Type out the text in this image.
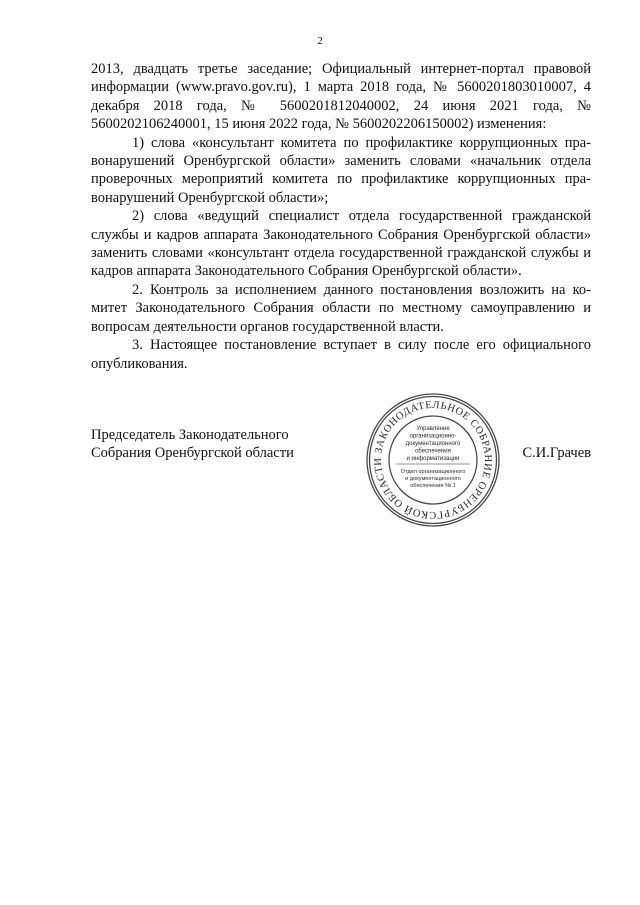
2

2013, двадцать третье заседание; Официальный интернет-портал правовой информации (www.pravo.gov.ru), 1 марта 2018 года, № 5600201803010007, 4 декабря 2018 года, № 5600201812040002, 24 июня 2021 года, № 5600202106240001, 15 июня 2022 года, № 5600202206150002) изменения:

1) слова «консультант комитета по профилактике коррупционных правонарушений Оренбургской области» заменить словами «начальник отдела проверочных мероприятий комитета по профилактике коррупционных правонарушений Оренбургской области»;

2) слова «ведущий специалист отдела государственной гражданской службы и кадров аппарата Законодательного Собрания Оренбургской области» заменить словами «консультант отдела государственной гражданской службы и кадров аппарата Законодательного Собрания Оренбургской области».

2. Контроль за исполнением данного постановления возложить на комитет Законодательного Собрания области по местному самоуправлению и вопросам деятельности органов государственной власти.

3. Настоящее постановление вступает в силу после его официального опубликования.

Председатель Законодательного
Собрания Оренбургской области	С.И.Грачев
ЗАКОНОДАТЕЛЬНОЕ СОБРАНИЕ ОРЕНБУРГСКОЙ ОБЛАСТИ
Управление
организационно-
документационного
обеспечения
и информатизации
Отдел организационного
и документационного
обеспечения № 1
